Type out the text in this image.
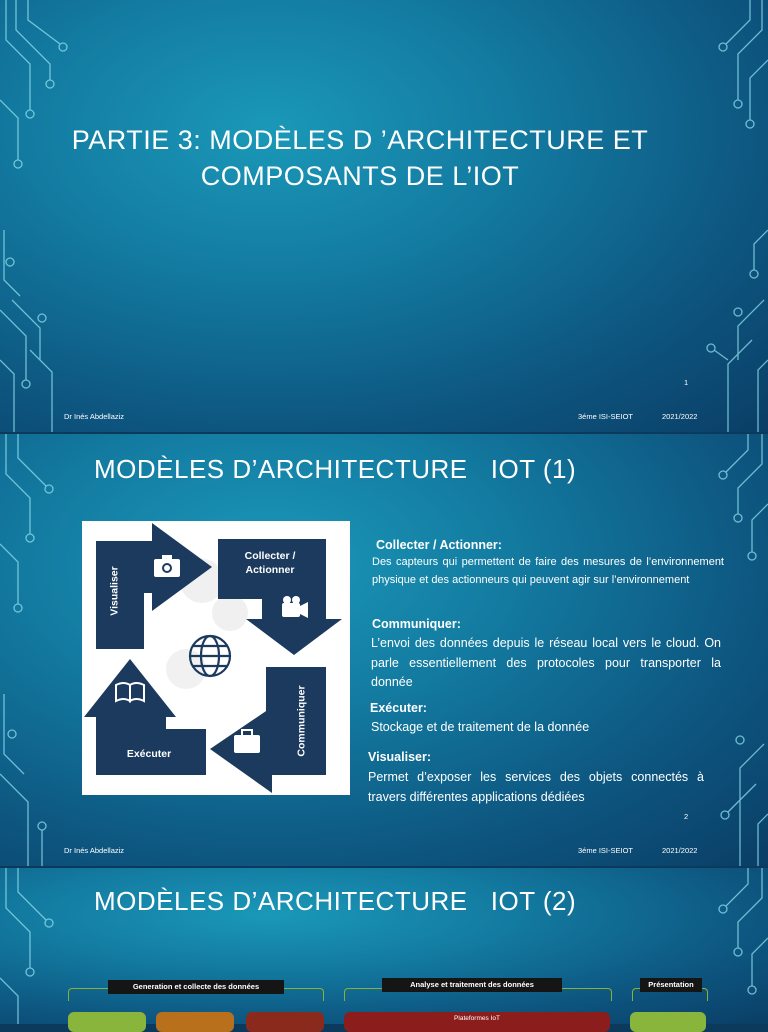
PARTIE 3: MODÈLES D ’ARCHITECTURE ET
COMPOSANTS DE L’IOT
1
Dr Inés Abdellaziz	3éme ISI-SEIOT	2021/2022
2
Dr Inés Abdellaziz	3éme ISI-SEIOT	2021/2022
MODÈLES D’ARCHITECTURE   IOT (1)
Collecter /
Actionner
Visualiser
Communiquer
Exécuter
Collecter / Actionner:
Des capteurs qui permettent de faire des mesures de l’environnement physique et des actionneurs qui peuvent agir sur l’environnement
Communiquer:
L’envoi des données depuis le réseau local vers le cloud. On parle essentiellement des protocoles pour transporter la donnée
Exécuter:
Stockage et de traitement de la donnée
Visualiser:
Permet d’exposer les services des objets connectés à travers différentes applications dédiées
MODÈLES D’ARCHITECTURE   IOT (2)
Generation et collecte des données	Analyse et traitement des données	Présentation
Plateformes IoT
